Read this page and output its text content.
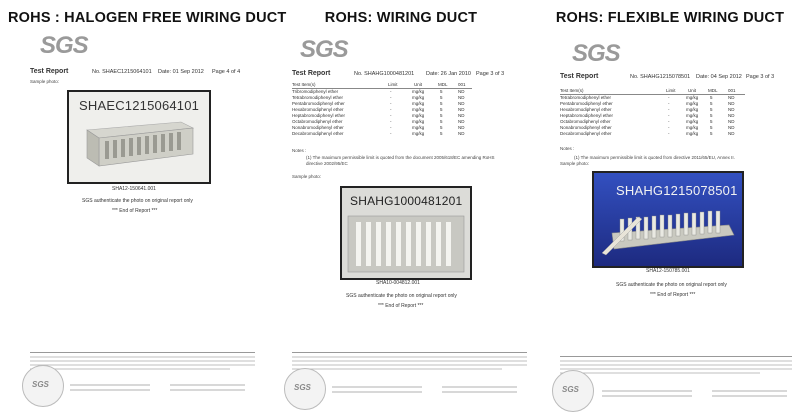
ROHS : HALOGEN FREE WIRING DUCT
SGS
Test Report	No. SHAEC1215064101 Date: 01 Sep 2012 Page 4 of 4
Sample photo:
SHAEC1215064101
SHA12-150641.001
SGS authenticate the photo on original report only
*** End of Report ***
SGS
ROHS: WIRING DUCT
SGS
Test Report	No. SHAHG1000481201 Date: 26 Jan 2010 Page 3 of 3
Test Item(s)	Limit	Unit	MDL 001
Tribromodiphenyl ether	-	mg/kg	5	ND
Tetrabromodiphenyl ether	-	mg/kg	5	ND
Pentabromodiphenyl ether	-	mg/kg	5	ND
Hexabromodiphenyl ether	-	mg/kg	5	ND
Heptabromodiphenyl ether	-	mg/kg	5	ND
Octabromodiphenyl ether	-	mg/kg	5	ND
Nonabromodiphenyl ether	-	mg/kg	5	ND
Decabromodiphenyl ether	-	mg/kg	5	ND
Notes :
(1) The maximum permissible limit is quoted from the document 2005/618/EC amending RoHS directive 2002/95/EC
Sample photo:
SHAHG1000481201
SHA10-004812.001
SGS authenticate the photo on original report only
*** End of Report ***
SGS
ROHS: FLEXIBLE WIRING DUCT
SGS
Test Report	No. SHAHG1215078501 Date: 04 Sep 2012 Page 3 of 3
Test Item(s)	Limit	Unit	MDL 001
Tetrabromodiphenyl ether	-	mg/kg	5	ND
Pentabromodiphenyl ether	-	mg/kg	5	ND
Hexabromodiphenyl ether	-	mg/kg	5	ND
Heptabromodiphenyl ether	-	mg/kg	5	ND
Octabromodiphenyl ether	-	mg/kg	5	ND
Nonabromodiphenyl ether	-	mg/kg	5	ND
Decabromodiphenyl ether	-	mg/kg	5	ND
Notes :
(1) The maximum permissible limit is quoted from directive 2011/65/EU, Annex II.
Sample photo:
SHAHG1215078501
SHA12-150785.001
SGS authenticate the photo on original report only
*** End of Report ***
SGS
